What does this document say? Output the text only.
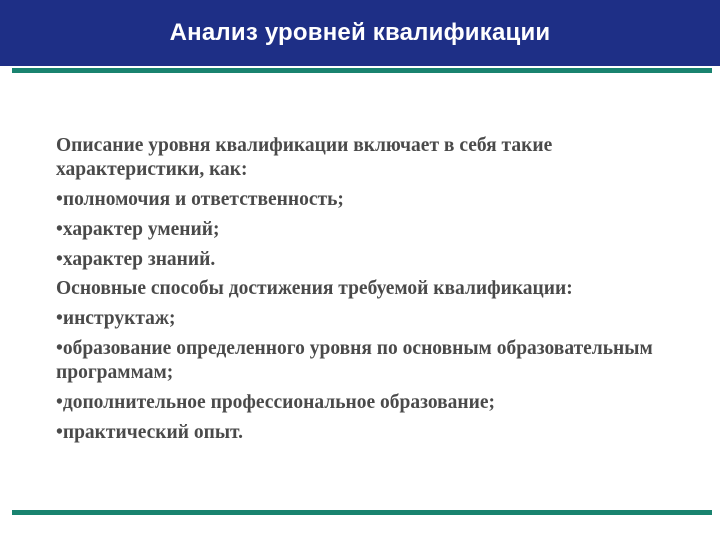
Анализ уровней квалификации

Описание уровня квалификации включает в себя такие характеристики, как:

•полномочия и ответственность;

•характер умений;

•характер знаний.

Основные способы достижения требуемой квалификации:

•инструктаж;

•образование определенного уровня по основным образовательным программам;

•дополнительное профессиональное образование;

•практический опыт.
